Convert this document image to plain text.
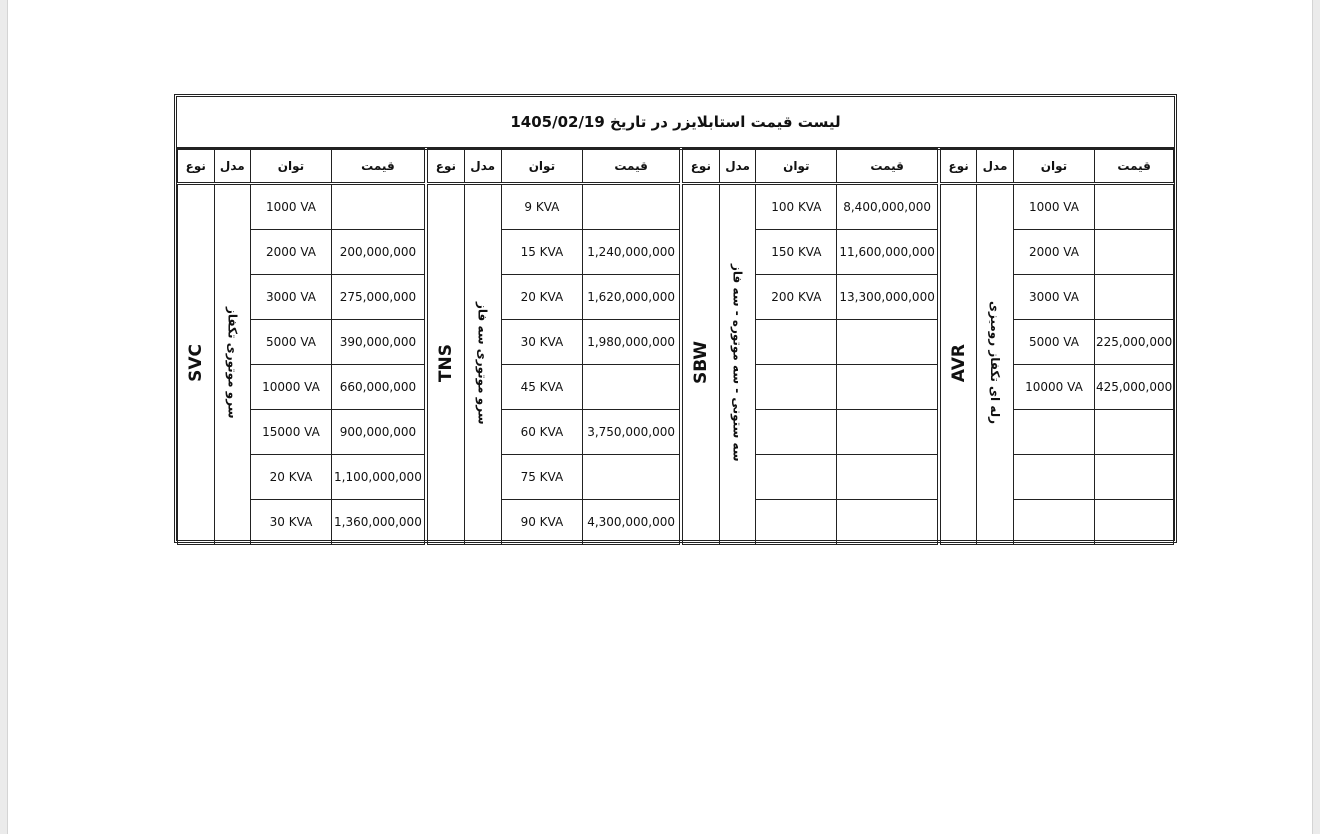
لیست قیمت استابلایزر در تاریخ 1405/02/19
نوع	مدل	توان	قیمت
SVC	سرو موتوری تکفاز	1000 VA	
		2000 VA	200,000,000
		3000 VA	275,000,000
		5000 VA	390,000,000
		10000 VA	660,000,000
		15000 VA	900,000,000
		20 KVA	1,100,000,000
		30 KVA	1,360,000,000
نوع	مدل	توان	قیمت
TNS	سرو موتوری سه فاز	9 KVA	
		15 KVA	1,240,000,000
		20 KVA	1,620,000,000
		30 KVA	1,980,000,000
		45 KVA	
		60 KVA	3,750,000,000
		75 KVA	
		90 KVA	4,300,000,000
نوع	مدل	توان	قیمت
SBW	سه ستونی - سه موتوره - سه فاز	100 KVA	8,400,000,000
		150 KVA	11,600,000,000
		200 KVA	13,300,000,000

نوع	مدل	توان	قیمت
AVR	رله ای تکفاز رومیزی	1000 VA	
		2000 VA	
		3000 VA	
		5000 VA	225,000,000
		10000 VA	425,000,000
